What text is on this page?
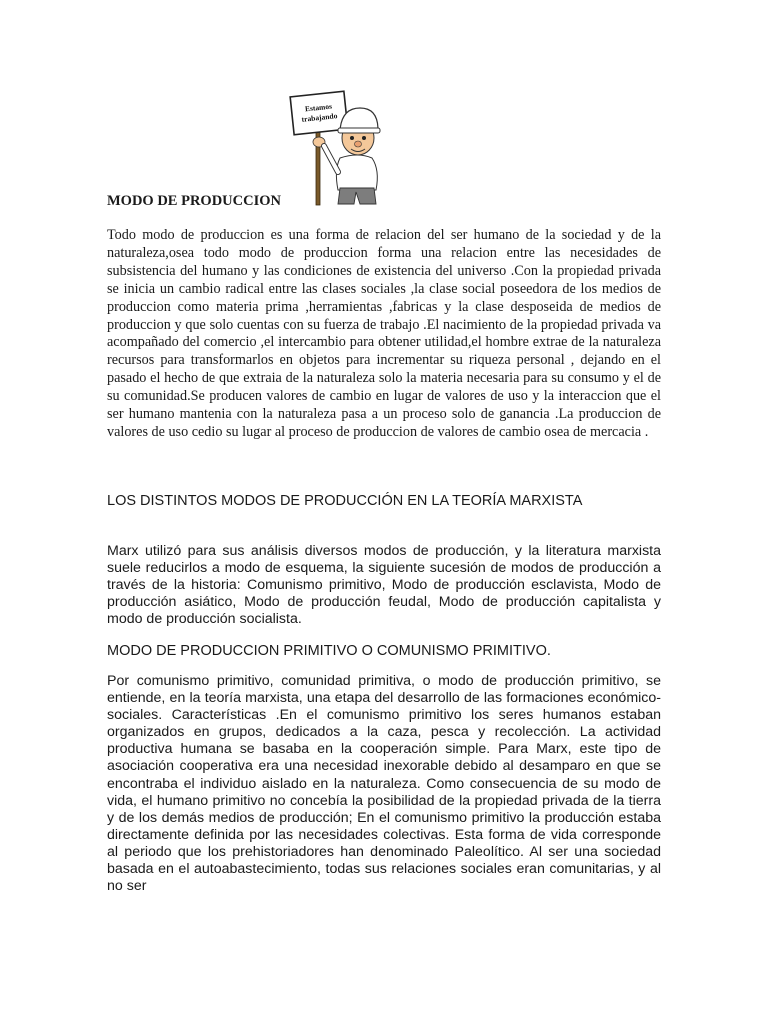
Estamos
trabajando
MODO DE PRODUCCION
Todo modo de produccion es una forma de relacion del ser humano de la sociedad y de la naturaleza,osea todo modo de produccion forma una relacion entre las necesidades de subsistencia del humano y las condiciones de existencia del universo .Con la propiedad privada se inicia un cambio radical entre las clases sociales ,la clase social poseedora de los medios de produccion como materia prima ,herramientas ,fabricas y la clase desposeida de medios de produccion y que solo cuentas con su fuerza de trabajo .El nacimiento de la propiedad privada va acompañado del comercio ,el intercambio para obtener utilidad,el hombre extrae de la naturaleza recursos para transformarlos en objetos para incrementar su riqueza personal , dejando en el pasado el hecho de que extraia de la naturaleza solo la materia necesaria para su consumo y el de su comunidad.Se producen valores de cambio en lugar de valores de uso y la interaccion que el ser humano mantenia con la naturaleza pasa a un proceso solo de ganancia .La produccion de valores de uso cedio su lugar al proceso de produccion de valores de cambio osea de mercacia .
LOS DISTINTOS MODOS DE PRODUCCIÓN EN LA TEORÍA MARXISTA
Marx utilizó para sus análisis diversos modos de producción, y la literatura marxista suele reducirlos a modo de esquema, la siguiente sucesión de modos de producción a través de la historia: Comunismo primitivo, Modo de producción esclavista, Modo de producción asiático, Modo de producción feudal, Modo de producción capitalista y modo de producción socialista.
MODO DE PRODUCCION PRIMITIVO O COMUNISMO PRIMITIVO.
Por comunismo primitivo, comunidad primitiva, o modo de producción primitivo, se entiende, en la teoría marxista, una etapa del desarrollo de las formaciones económico-sociales. Características .En el comunismo primitivo los seres humanos estaban organizados en grupos, dedicados a la caza, pesca y recolección. La actividad productiva humana se basaba en la cooperación simple. Para Marx, este tipo de asociación cooperativa era una necesidad inexorable debido al desamparo en que se encontraba el individuo aislado en la naturaleza. Como consecuencia de su modo de vida, el humano primitivo no concebía la posibilidad de la propiedad privada de la tierra y de los demás medios de producción; En el comunismo primitivo la producción estaba directamente definida por las necesidades colectivas. Esta forma de vida corresponde al periodo que los prehistoriadores han denominado Paleolítico. Al ser una sociedad basada en el autoabastecimiento, todas sus relaciones sociales eran comunitarias, y al no ser
